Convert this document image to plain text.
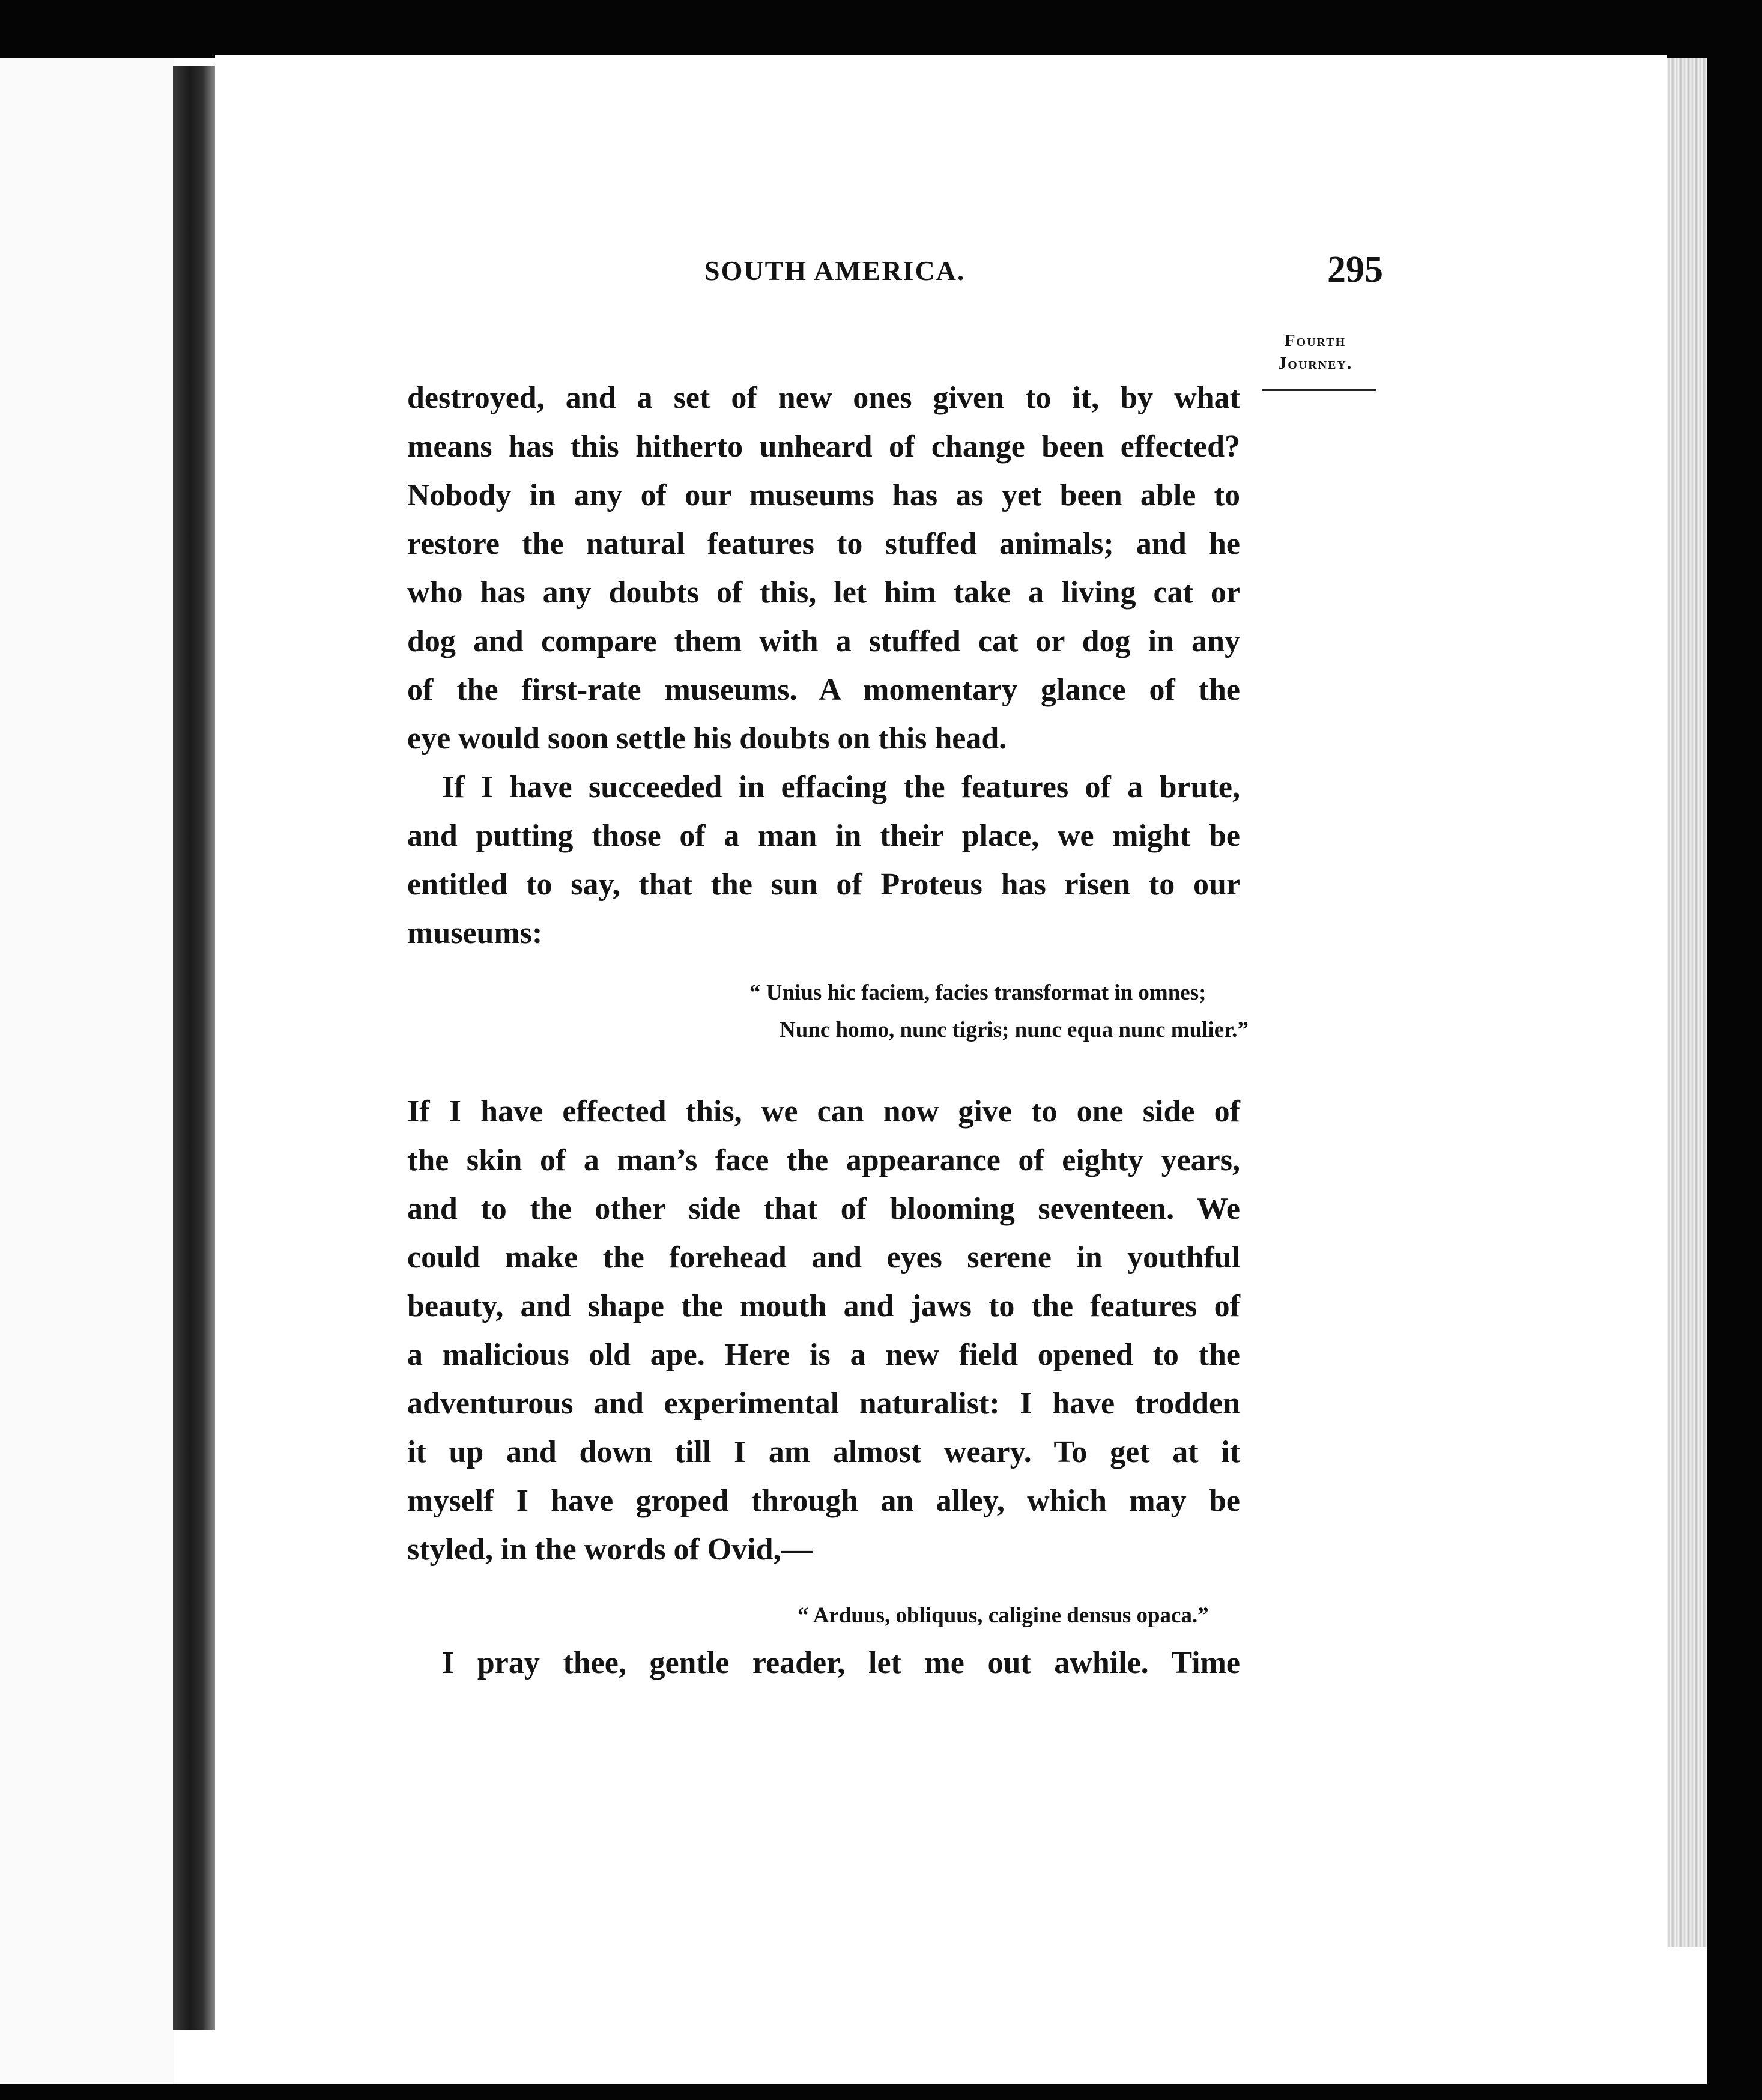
SOUTH AMERICA.	295
Fourth
Journey.
destroyed, and a set of new ones given to it, by what
means has this hitherto unheard of change been effected?
Nobody in any of our museums has as yet been able to
restore the natural features to stuffed animals; and he
who has any doubts of this, let him take a living cat or
dog and compare them with a stuffed cat or dog in any
of the first-rate museums. A momentary glance of the
eye would soon settle his doubts on this head.
If I have succeeded in effacing the features of a brute,
and putting those of a man in their place, we might be
entitled to say, that the sun of Proteus has risen to our
museums:
“ Unius hic faciem, facies transformat in omnes;
Nunc homo, nunc tigris; nunc equa nunc mulier.”
If I have effected this, we can now give to one side of
the skin of a man’s face the appearance of eighty years,
and to the other side that of blooming seventeen. We
could make the forehead and eyes serene in youthful
beauty, and shape the mouth and jaws to the features of
a malicious old ape. Here is a new field opened to the
adventurous and experimental naturalist: I have trodden
it up and down till I am almost weary. To get at it
myself I have groped through an alley, which may be
styled, in the words of Ovid,—
“ Arduus, obliquus, caligine densus opaca.”
I pray thee, gentle reader, let me out awhile. Time
